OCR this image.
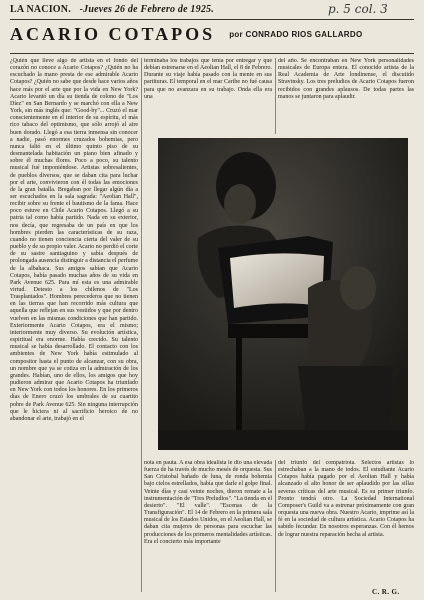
LA NACION. -Jueves 26 de Febrero de 1925.	p. 5 col. 3
ACARIO COTAPOS por CONRADO RIOS GALLARDO
¿Quién que lleve algo de artista en el fondo del corazón no conoce a Acario Cotapos? ¿Quién no ha escuchado la mano presta de ese admirable Acario Cotapos? ¿Quién no sabe que desde hace varios años hace más por el arte que por la vida en New York? Acario levantó un día su tienda de colono de "Los Díez" en San Bernardo y se marchó con ella a New York, sin más inglés que: "Good-by"... Cruzó el mar conscientemente en el interior de su espíritu, el más rico tabaco del optimismo, que sólo arrojó al aire buen dorado. Llegó a esa tierra inmensa sin conocer a nadie, pasó enormes cruzados bohemias, pero nunca faltó en el último quinto piso de su desmantelada habitación un piano bien afinado y sobre él muchas flores. Poco a poco, su talento musical fué imponiéndose. Artistas sobresalientes, de pueblos diversos, que se daban cita para luchar por el arte, convivieron con él todas las emociones de la gran batalla. Bregaban por llegar algún día a ser escuchados en la sala sagrada: "Aeolian Hall", recibir sobre su frente el bautismo de la fama. Hace poco estuve en Chile Acario Cotapos. Llegó a su patria tal como había partido. Nada en su exterior, nos decía, que regresaba de un país en que los hombres pierden las características de su raza, cuando no tienen conciencia cierta del valer de su pueblo y de su propio valer. Acario no perdió el corte de su sastre santiaguino y sabía después de prolongada ausencia distinguir a distancia el perfume de la albahaca. Sus amigos sabían que Acario Cotapos, había pasado muchas años de su vida en Park Avenue 625. Para mí esta es una admirable virtud. Detesto a los chilenos de "Los Trasplantados". Hombres perecederos que no tienen en las tierras que han recorrido más cultura que aquella que reflejan en sus vestidos y que por dentro vuelven en las mismas condiciones que han partido. Exteriormente Acario Cotapos, era el mismo; interiormente muy diverso. Su evolución artística, espiritual era enorme. Había crecido. Su talento musical se había desarrollado. El contacto con los ambientes de New York había estimulado al compositor hasta el punto de alcanzar, con su obra, un nombre que ya se cotiza en la admiración de los grandes. Habían, uno de ellos, los amigos que hoy pudieron admirar que Acario Cotapos ha triunfado en New York con todos los honores. En los primeros días de Enero cruzó los umbrales de su cuartito pobre de Park Avenue 625. Sin ninguna interrupción que le hiciera ni al sacrificio heroico de no abandonar el arte, trabajó en el
terminaba los trabajos que tenía por entregar y que debían estrenarse en el Aeolian Hall, el 8 de Febrero. Durante su viaje había pasado con la mente en sus partituras. El temporal en el mar Caribe no fué causa para que no avanzara en su trabajo. Onda ella era una
del año. Se encontraban en New York personalidades musicales de Europa entera. El conocido artista de la Real Academia de Arte londinense, el discutido Stravinsky. Los tres preludios de Acario Cotapos fueron recibidos con grandes aplausos. De todas partes las manos se juntaron para aplaudir.
nota en pauta. A esa obra idealista le dio una elevada fuerza de ha través de mucho mesés de orquesta. Sus San Cristobal bañado de luna, de ronda bohemia bajo cielos estrellados, había que darle el golpe final. Veinte días y casi veinte noches, dieron remate a la instrumentación de "Tres Preludios". "La tienda en el desierto". "El valle". "Escenas de la Transfiguración". El 14 de Febrero en la primera sala musical de los Estados Unidos, en el Aeolian Hall, se daban cita mujeres de personas para escuchar las producciones de los primeros mentalidades artísticas. Era el concierto más importante
del triunfo del compatriota. Selectos artistas lo estrechaban a la mano de todos. El estudiante Acario Cotapos había pagado por el Aeolian Hall y había alcanzado el alto honor de ser aplaudido por las sillas severas críticas del arte musical. Es su primer triunfo. Pronto tendrá otro. La Sociedad International Composer's Guild va a estrenar próximamente con gran orquesta una nueva obra. Nuestro Acario, imprime así la fé en la sociedad de cultura artística. Acario Cotapos ha sabido fecundar. En nosotros esperanzas. Con él hemos de lograr nuestra reparación hecha al artista.
C. R. G.
